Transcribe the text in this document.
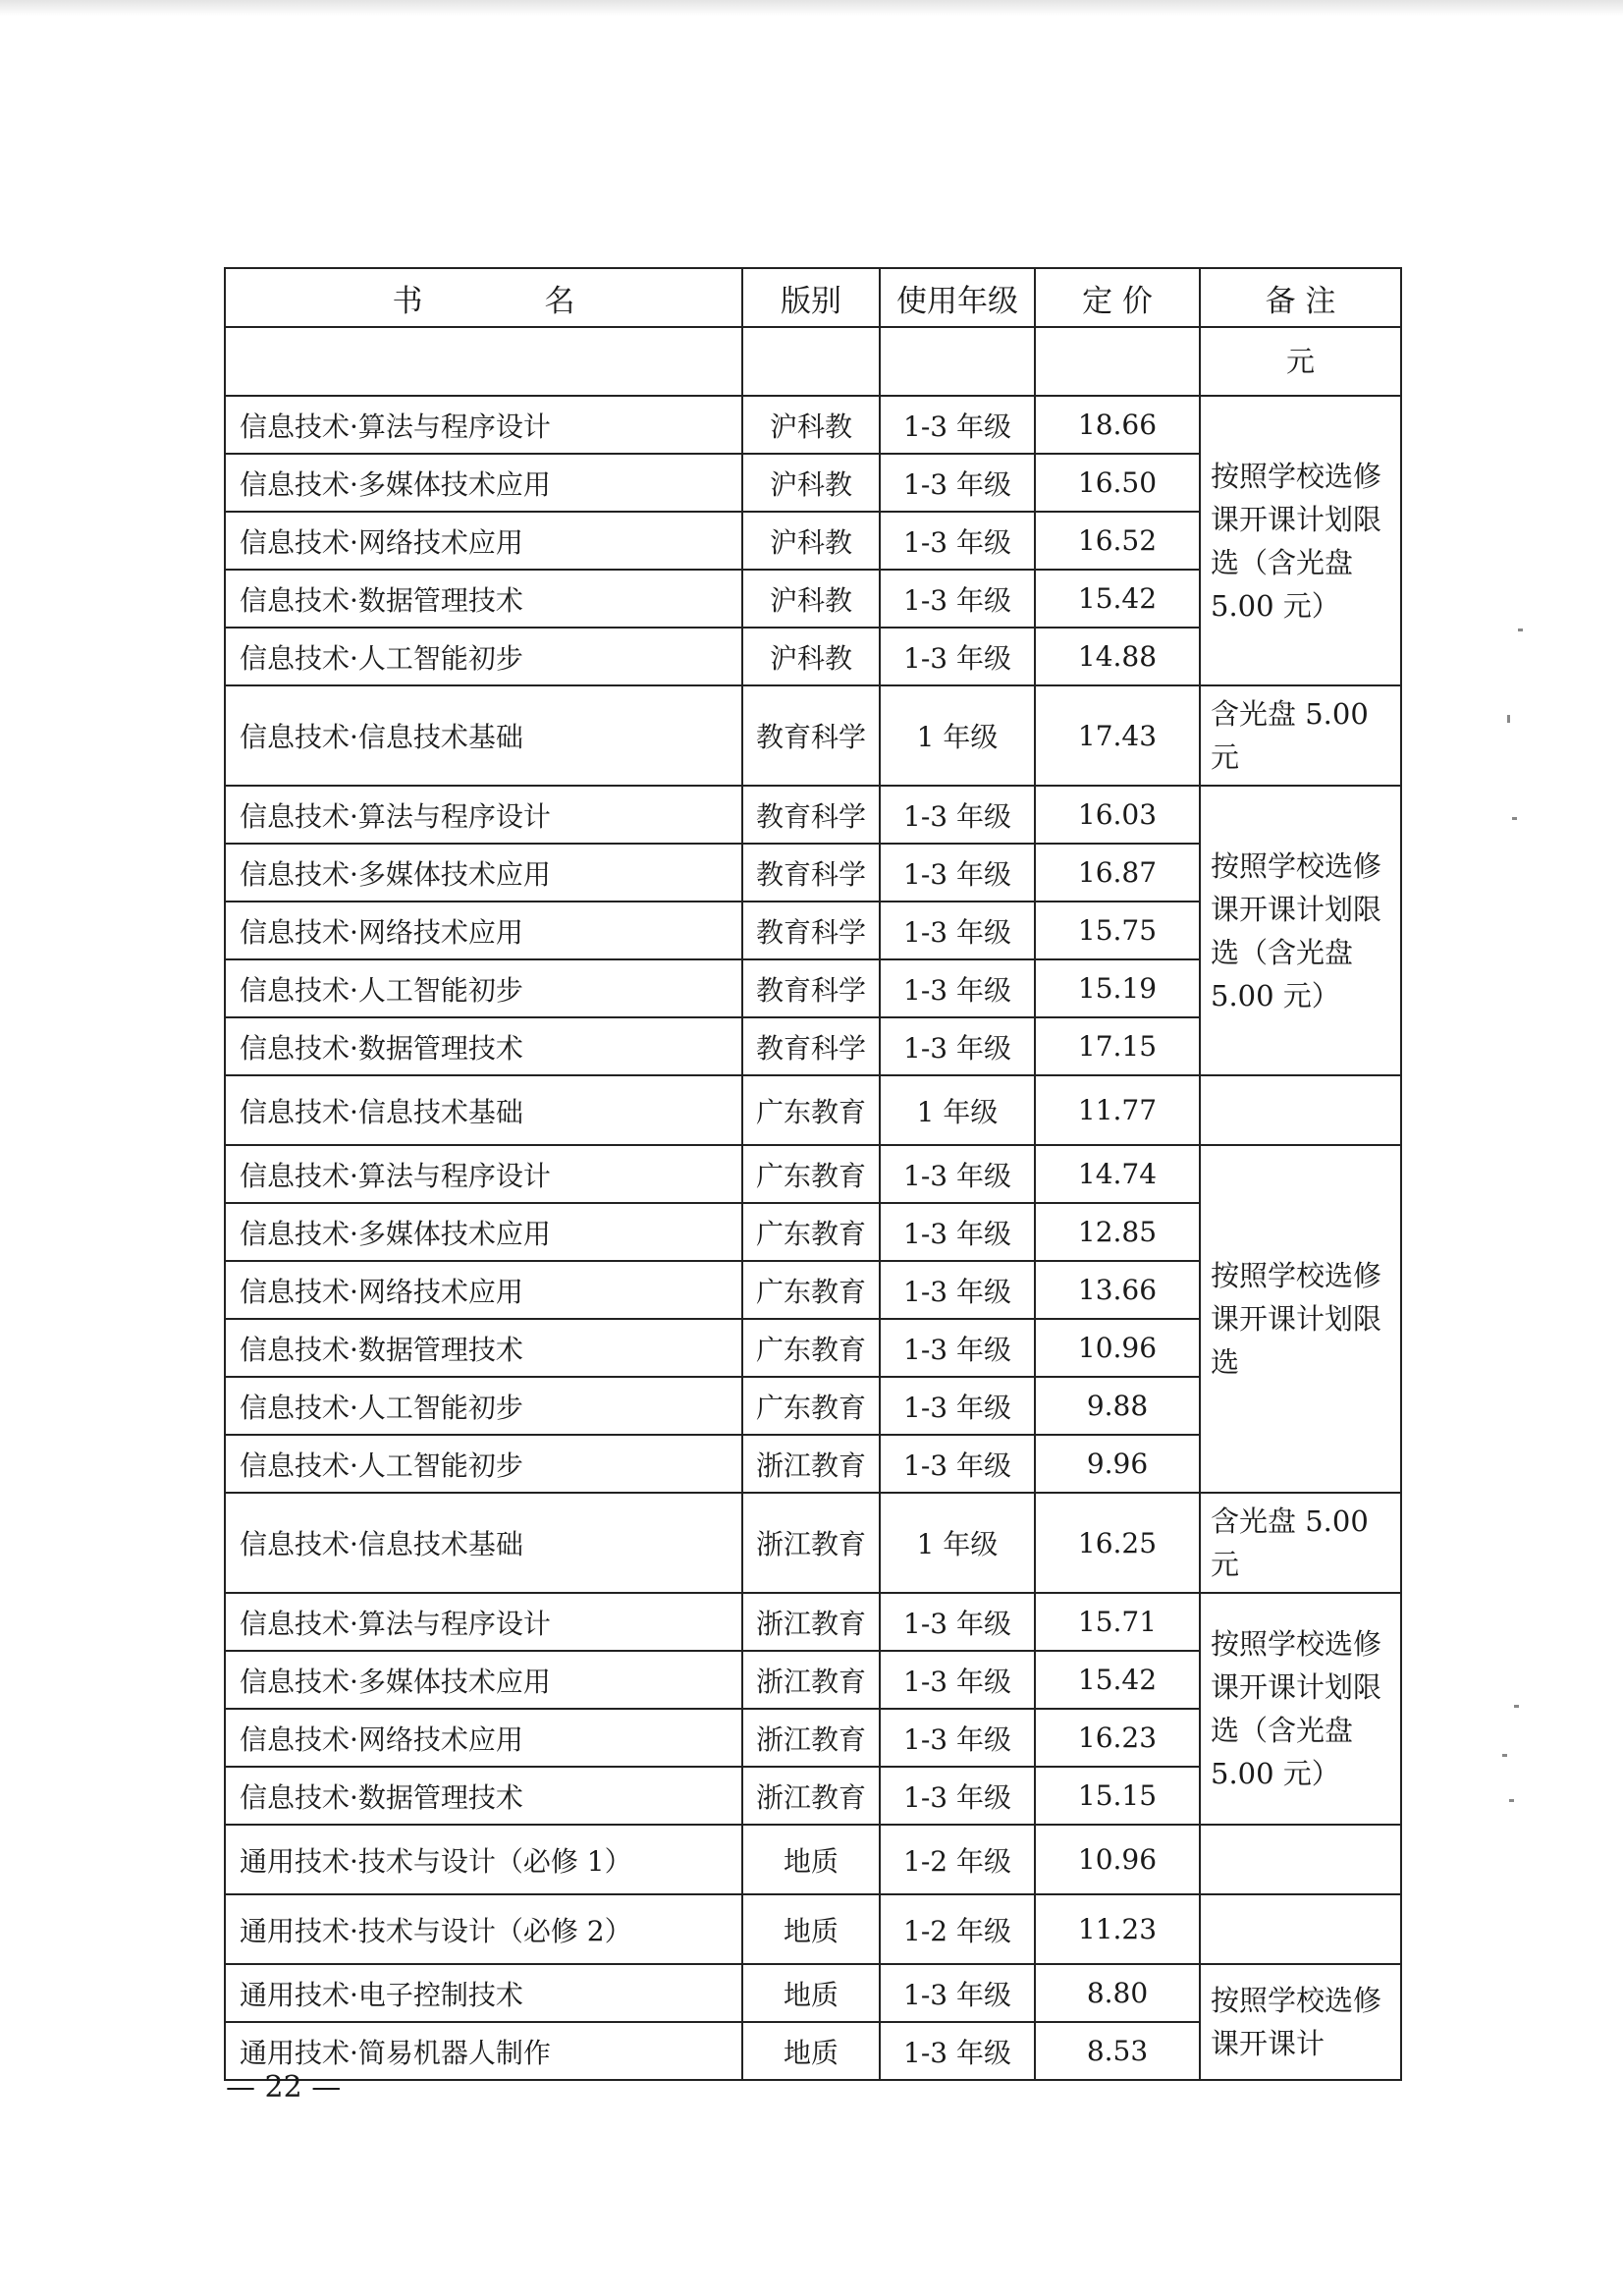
书　　　　名	版别	使用年级	定 价	备 注
				元
信息技术·算法与程序设计	沪科教	1-3 年级	18.66	按照学校选修课开课计划限选（含光盘 5.00 元）
信息技术·多媒体技术应用	沪科教	1-3 年级	16.50	
信息技术·网络技术应用	沪科教	1-3 年级	16.52	
信息技术·数据管理技术	沪科教	1-3 年级	15.42	
信息技术·人工智能初步	沪科教	1-3 年级	14.88	
信息技术·信息技术基础	教育科学	1 年级	17.43	含光盘 5.00 元
信息技术·算法与程序设计	教育科学	1-3 年级	16.03	按照学校选修课开课计划限选（含光盘 5.00 元）
信息技术·多媒体技术应用	教育科学	1-3 年级	16.87	
信息技术·网络技术应用	教育科学	1-3 年级	15.75	
信息技术·人工智能初步	教育科学	1-3 年级	15.19	
信息技术·数据管理技术	教育科学	1-3 年级	17.15	
信息技术·信息技术基础	广东教育	1 年级	11.77	
信息技术·算法与程序设计	广东教育	1-3 年级	14.74	按照学校选修课开课计划限选
信息技术·多媒体技术应用	广东教育	1-3 年级	12.85	
信息技术·网络技术应用	广东教育	1-3 年级	13.66	
信息技术·数据管理技术	广东教育	1-3 年级	10.96	
信息技术·人工智能初步	广东教育	1-3 年级	9.88	
信息技术·人工智能初步	浙江教育	1-3 年级	9.96	
信息技术·信息技术基础	浙江教育	1 年级	16.25	含光盘 5.00 元
信息技术·算法与程序设计	浙江教育	1-3 年级	15.71	按照学校选修课开课计划限选（含光盘 5.00 元）
信息技术·多媒体技术应用	浙江教育	1-3 年级	15.42	
信息技术·网络技术应用	浙江教育	1-3 年级	16.23	
信息技术·数据管理技术	浙江教育	1-3 年级	15.15	
通用技术·技术与设计（必修 1）	地质	1-2 年级	10.96	
通用技术·技术与设计（必修 2）	地质	1-2 年级	11.23	
通用技术·电子控制技术	地质	1-3 年级	8.80	按照学校选修课开课计
通用技术·简易机器人制作	地质	1-3 年级	8.53	
— 22 —
